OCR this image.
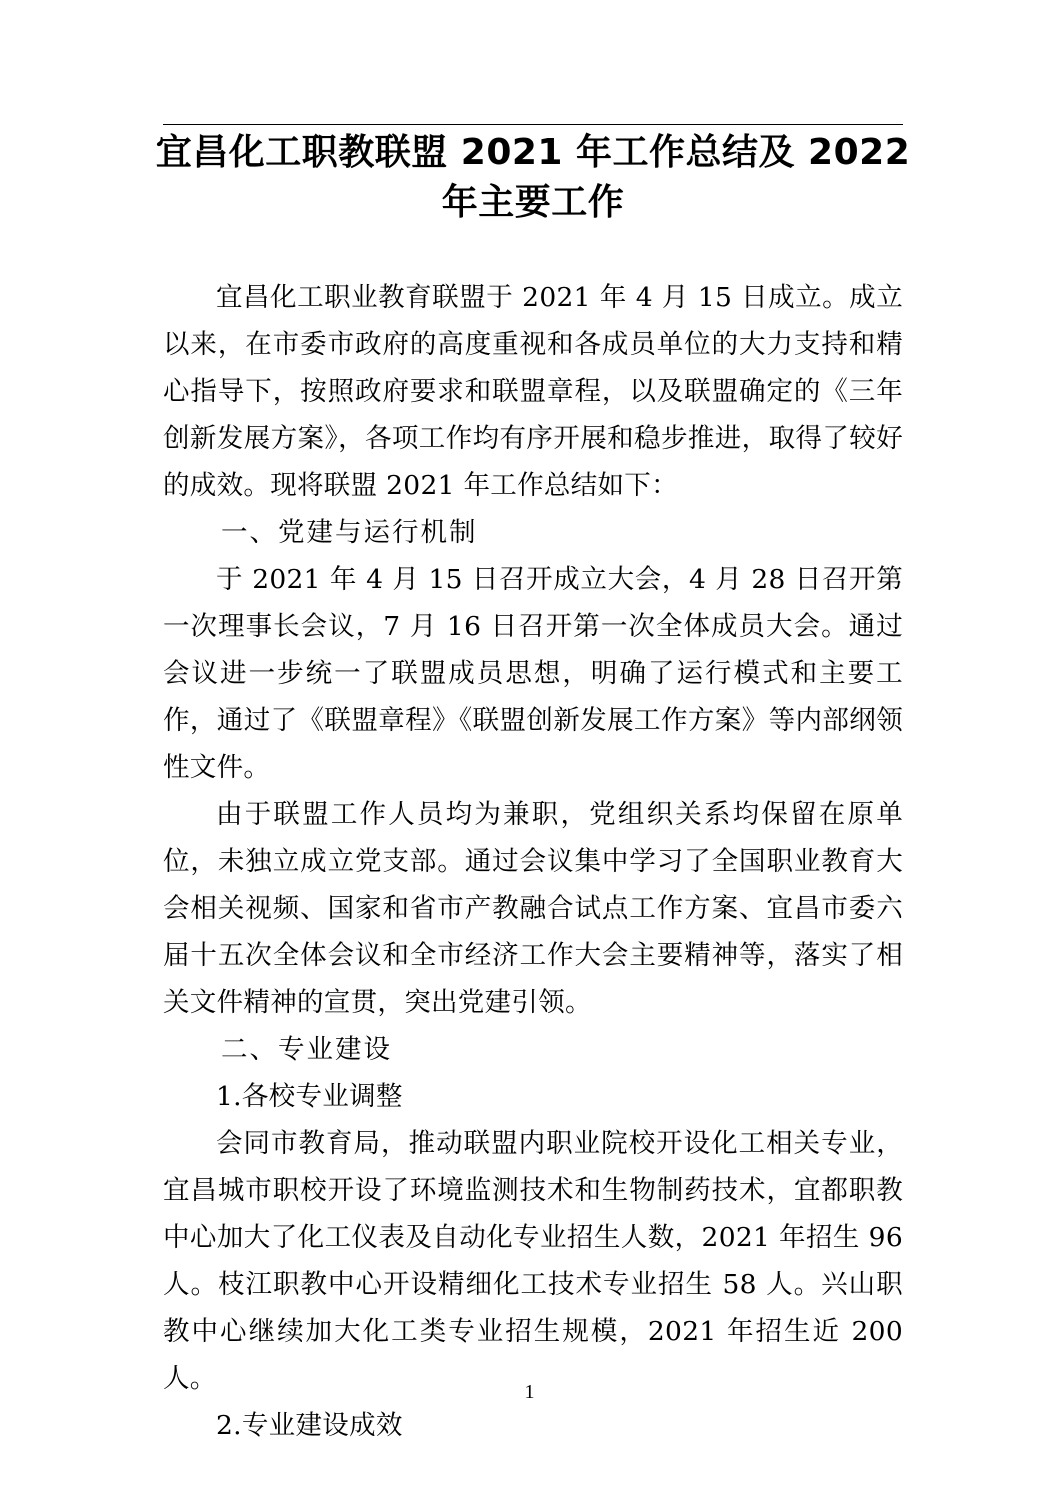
宜昌化工职教联盟 2021 年工作总结及 2022
年主要工作

宜昌化工职业教育联盟于 2021 年 4 月 15 日成立。成立以来，在市委市政府的高度重视和各成员单位的大力支持和精心指导下，按照政府要求和联盟章程，以及联盟确定的《三年创新发展方案》，各项工作均有序开展和稳步推进，取得了较好的成效。现将联盟 2021 年工作总结如下：

一、党建与运行机制

于 2021 年 4 月 15 日召开成立大会，4 月 28 日召开第一次理事长会议，7 月 16 日召开第一次全体成员大会。通过会议进一步统一了联盟成员思想，明确了运行模式和主要工作，通过了《联盟章程》《联盟创新发展工作方案》等内部纲领性文件。

由于联盟工作人员均为兼职，党组织关系均保留在原单位，未独立成立党支部。通过会议集中学习了全国职业教育大会相关视频、国家和省市产教融合试点工作方案、宜昌市委六届十五次全体会议和全市经济工作大会主要精神等，落实了相关文件精神的宣贯，突出党建引领。

二、专业建设

1.各校专业调整

会同市教育局，推动联盟内职业院校开设化工相关专业，宜昌城市职校开设了环境监测技术和生物制药技术，宜都职教中心加大了化工仪表及自动化专业招生人数，2021 年招生 96 人。枝江职教中心开设精细化工技术专业招生 58 人。兴山职教中心继续加大化工类专业招生规模，2021 年招生近 200 人。

2.专业建设成效

1
